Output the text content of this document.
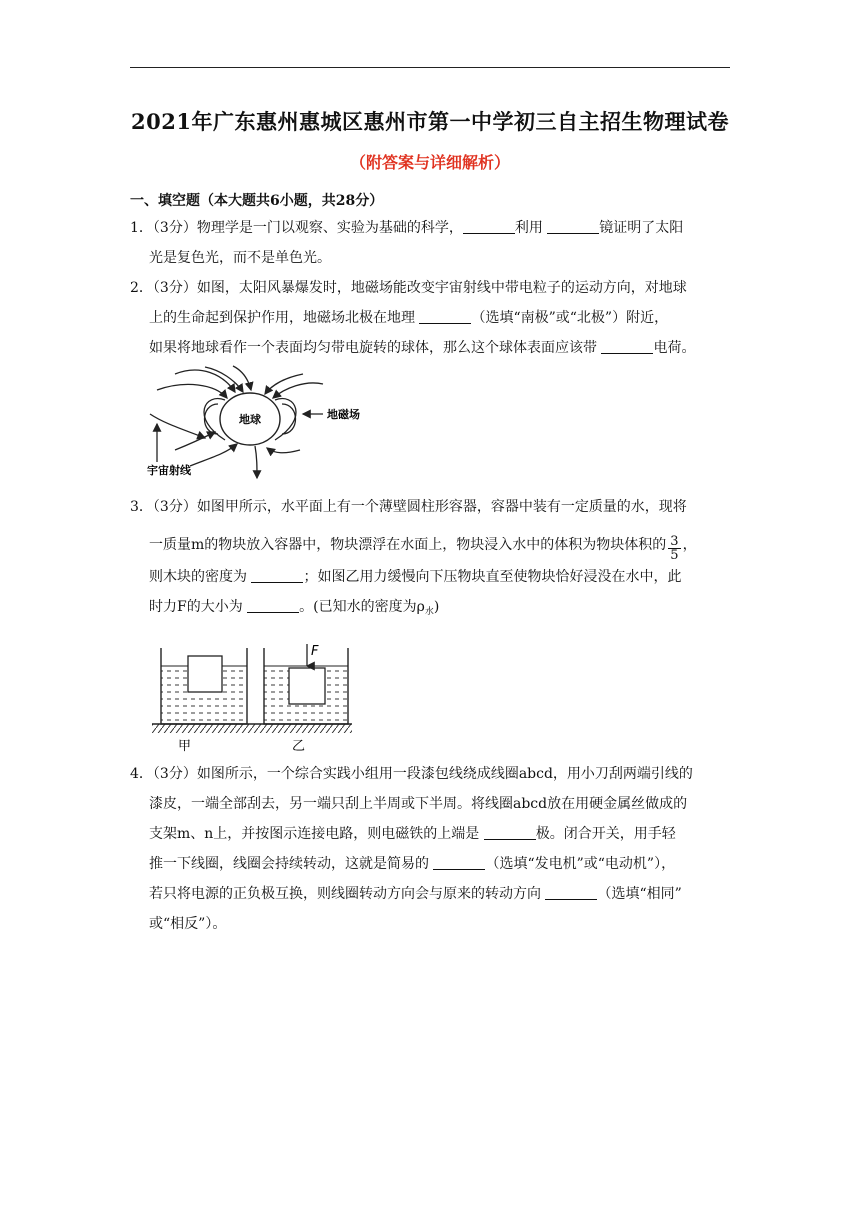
2021年广东惠州惠城区惠州市第一中学初三自主招生物理试卷
（附答案与详细解析）
一、填空题（本大题共6小题，共28分）
1．（3分）物理学是一门以观察、实验为基础的科学，	利用	镜证明了太阳
光是复色光，而不是单色光。
2．（3分）如图，太阳风暴爆发时，地磁场能改变宇宙射线中带电粒子的运动方向，对地球
上的生命起到保护作用，地磁场北极在地理	（选填“南极”或“北极”）附近，
如果将地球看作一个表面均匀带电旋转的球体，那么这个球体表面应该带	电荷。
地球	地磁场
宇宙射线
3．（3分）如图甲所示，水平面上有一个薄壁圆柱形容器，容器中装有一定质量的水，现将
一质量m的物块放入容器中，物块漂浮在水面上，物块浸入水中的体积为物块体积的 $\frac{3}{5}$ ，
则木块的密度为	；如图乙用力缓慢向下压物块直至使物块恰好浸没在水中，此
时力F的大小为	。(已知水的密度为$\rho_水$)
F
甲	乙
4．（3分）如图所示，一个综合实践小组用一段漆包线绕成线圈abcd，用小刀刮两端引线的
漆皮，一端全部刮去，另一端只刮上半周或下半周。将线圈abcd放在用硬金属丝做成的
支架m、n上，并按图示连接电路，则电磁铁的上端是	极。闭合开关，用手轻
推一下线圈，线圈会持续转动，这就是简易的	（选填“发电机”或“电动机”），
若只将电源的正负极互换，则线圈转动方向会与原来的转动方向	（选填“相同”
或“相反”）。
